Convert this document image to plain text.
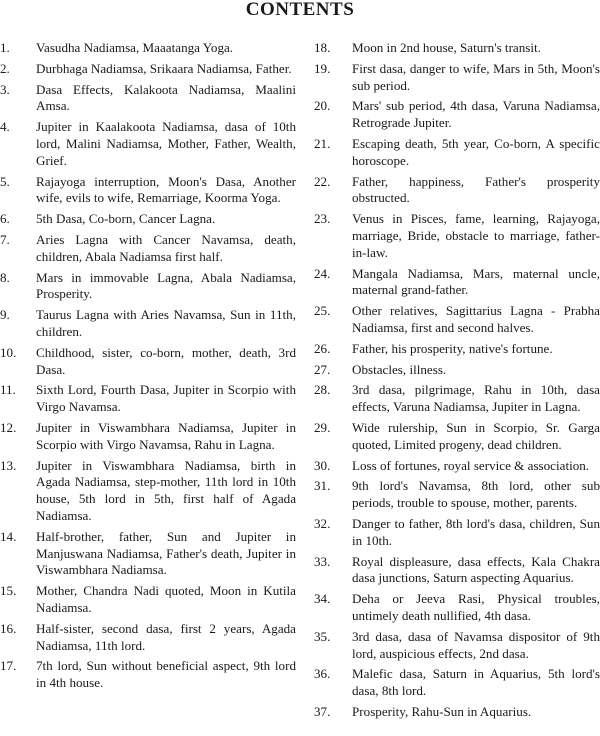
CONTENTS
1.	Vasudha Nadiamsa, Maaatanga Yoga.
2.	Durbhaga Nadiamsa, Srikaara Nadiamsa, Father.
3.	Dasa Effects, Kalakoota Nadiamsa, Maalini Amsa.
4.	Jupiter in Kaalakoota Nadiamsa, dasa of 10th lord, Malini Nadiamsa, Mother, Father, Wealth, Grief.
5.	Rajayoga interruption, Moon's Dasa, Another wife, evils to wife, Remarriage, Koorma Yoga.
6.	5th Dasa, Co-born, Cancer Lagna.
7.	Aries Lagna with Cancer Navamsa, death, children, Abala Nadiamsa first half.
8.	Mars in immovable Lagna, Abala Nadiamsa, Prosperity.
9.	Taurus Lagna with Aries Navamsa, Sun in 11th, children.
10.	Childhood, sister, co-born, mother, death, 3rd Dasa.
11.	Sixth Lord, Fourth Dasa, Jupiter in Scorpio with Virgo Navamsa.
12.	Jupiter in Viswambhara Nadiamsa, Jupiter in Scorpio with Virgo Navamsa, Rahu in Lagna.
13.	Jupiter in Viswambhara Nadiamsa, birth in Agada Nadiamsa, step-mother, 11th lord in 10th house, 5th lord in 5th, first half of Agada Nadiamsa.
14.	Half-brother, father, Sun and Jupiter in Manjuswana Nadiamsa, Father's death, Jupiter in Viswambhara Nadiamsa.
15.	Mother, Chandra Nadi quoted, Moon in Kutila Nadiamsa.
16.	Half-sister, second dasa, first 2 years, Agada Nadiamsa, 11th lord.
17.	7th lord, Sun without beneficial aspect, 9th lord in 4th house.
18.	Moon in 2nd house, Saturn's transit.
19.	First dasa, danger to wife, Mars in 5th, Moon's sub period.
20.	Mars' sub period, 4th dasa, Varuna Nadiamsa, Retrograde Jupiter.
21.	Escaping death, 5th year, Co-born, A specific horoscope.
22.	Father, happiness, Father's prosperity obstructed.
23.	Venus in Pisces, fame, learning, Rajayoga, marriage, Bride, obstacle to marriage, father-in-law.
24.	Mangala Nadiamsa, Mars, maternal uncle, maternal grand-father.
25.	Other relatives, Sagittarius Lagna - Prabha Nadiamsa, first and second halves.
26.	Father, his prosperity, native's fortune.
27.	Obstacles, illness.
28.	3rd dasa, pilgrimage, Rahu in 10th, dasa effects, Varuna Nadiamsa, Jupiter in Lagna.
29.	Wide rulership, Sun in Scorpio, Sr. Garga quoted, Limited progeny, dead children.
30.	Loss of fortunes, royal service & association.
31.	9th lord's Navamsa, 8th lord, other sub periods, trouble to spouse, mother, parents.
32.	Danger to father, 8th lord's dasa, children, Sun in 10th.
33.	Royal displeasure, dasa effects, Kala Chakra dasa junctions, Saturn aspecting Aquarius.
34.	Deha or Jeeva Rasi, Physical troubles, untimely death nullified, 4th dasa.
35.	3rd dasa, dasa of Navamsa dispositor of 9th lord, auspicious effects, 2nd dasa.
36.	Malefic dasa, Saturn in Aquarius, 5th lord's dasa, 8th lord.
37.	Prosperity, Rahu-Sun in Aquarius.
